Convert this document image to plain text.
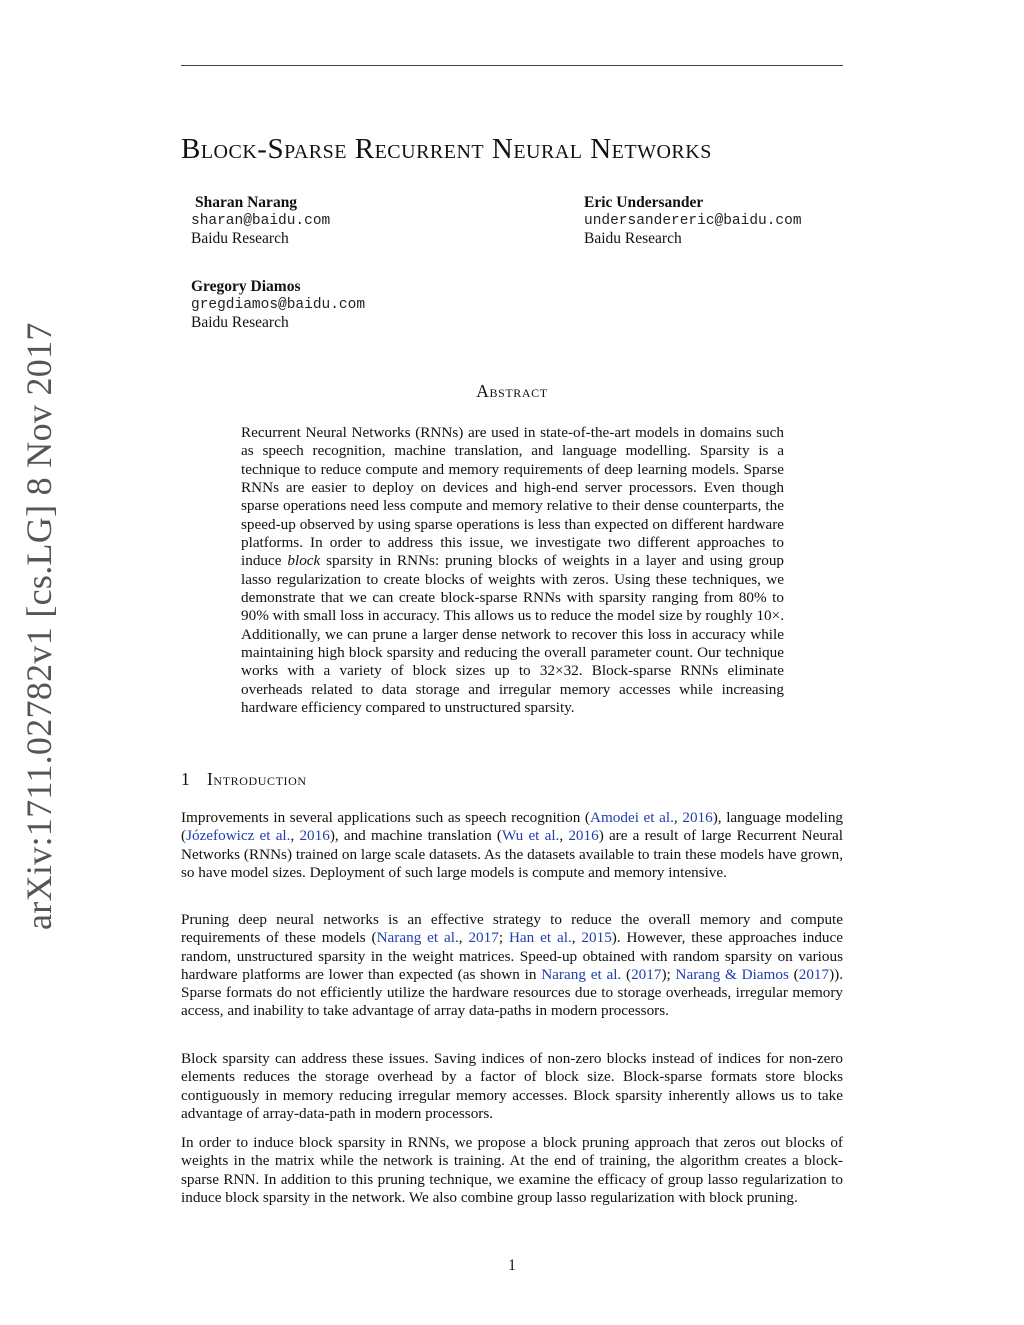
arXiv:1711.02782v1 [cs.LG] 8 Nov 2017
Block-Sparse Recurrent Neural Networks
Sharan Narang
sharan@baidu.com
Baidu Research
Eric Undersander
undersandereric@baidu.com
Baidu Research
Gregory Diamos
gregdiamos@baidu.com
Baidu Research
Abstract

Recurrent Neural Networks (RNNs) are used in state-of-the-art models in domains such as speech recognition, machine translation, and language modelling. Sparsity is a technique to reduce compute and memory requirements of deep learning models. Sparse RNNs are easier to deploy on devices and high-end server processors. Even though sparse operations need less compute and memory relative to their dense counterparts, the speed-up observed by using sparse operations is less than expected on different hardware platforms. In order to address this issue, we investigate two different approaches to induce block sparsity in RNNs: pruning blocks of weights in a layer and using group lasso regularization to create blocks of weights with zeros. Using these techniques, we demonstrate that we can create block-sparse RNNs with sparsity ranging from 80% to 90% with small loss in accuracy. This allows us to reduce the model size by roughly 10×. Additionally, we can prune a larger dense network to recover this loss in accuracy while maintaining high block sparsity and reducing the overall parameter count. Our technique works with a variety of block sizes up to 32×32. Block-sparse RNNs eliminate overheads related to data storage and irregular memory accesses while increasing hardware efficiency compared to unstructured sparsity.

1 Introduction

Improvements in several applications such as speech recognition (Amodei et al., 2016), language modeling (Józefowicz et al., 2016), and machine translation (Wu et al., 2016) are a result of large Recurrent Neural Networks (RNNs) trained on large scale datasets. As the datasets available to train these models have grown, so have model sizes. Deployment of such large models is compute and memory intensive.

Pruning deep neural networks is an effective strategy to reduce the overall memory and compute requirements of these models (Narang et al., 2017; Han et al., 2015). However, these approaches induce random, unstructured sparsity in the weight matrices. Speed-up obtained with random sparsity on various hardware platforms are lower than expected (as shown in Narang et al. (2017); Narang & Diamos (2017)). Sparse formats do not efficiently utilize the hardware resources due to storage overheads, irregular memory access, and inability to take advantage of array data-paths in modern processors.

Block sparsity can address these issues. Saving indices of non-zero blocks instead of indices for non-zero elements reduces the storage overhead by a factor of block size. Block-sparse formats store blocks contiguously in memory reducing irregular memory accesses. Block sparsity inherently allows us to take advantage of array-data-path in modern processors.

In order to induce block sparsity in RNNs, we propose a block pruning approach that zeros out blocks of weights in the matrix while the network is training. At the end of training, the algorithm creates a block-sparse RNN. In addition to this pruning technique, we examine the efficacy of group lasso regularization to induce block sparsity in the network. We also combine group lasso regularization with block pruning.

1
